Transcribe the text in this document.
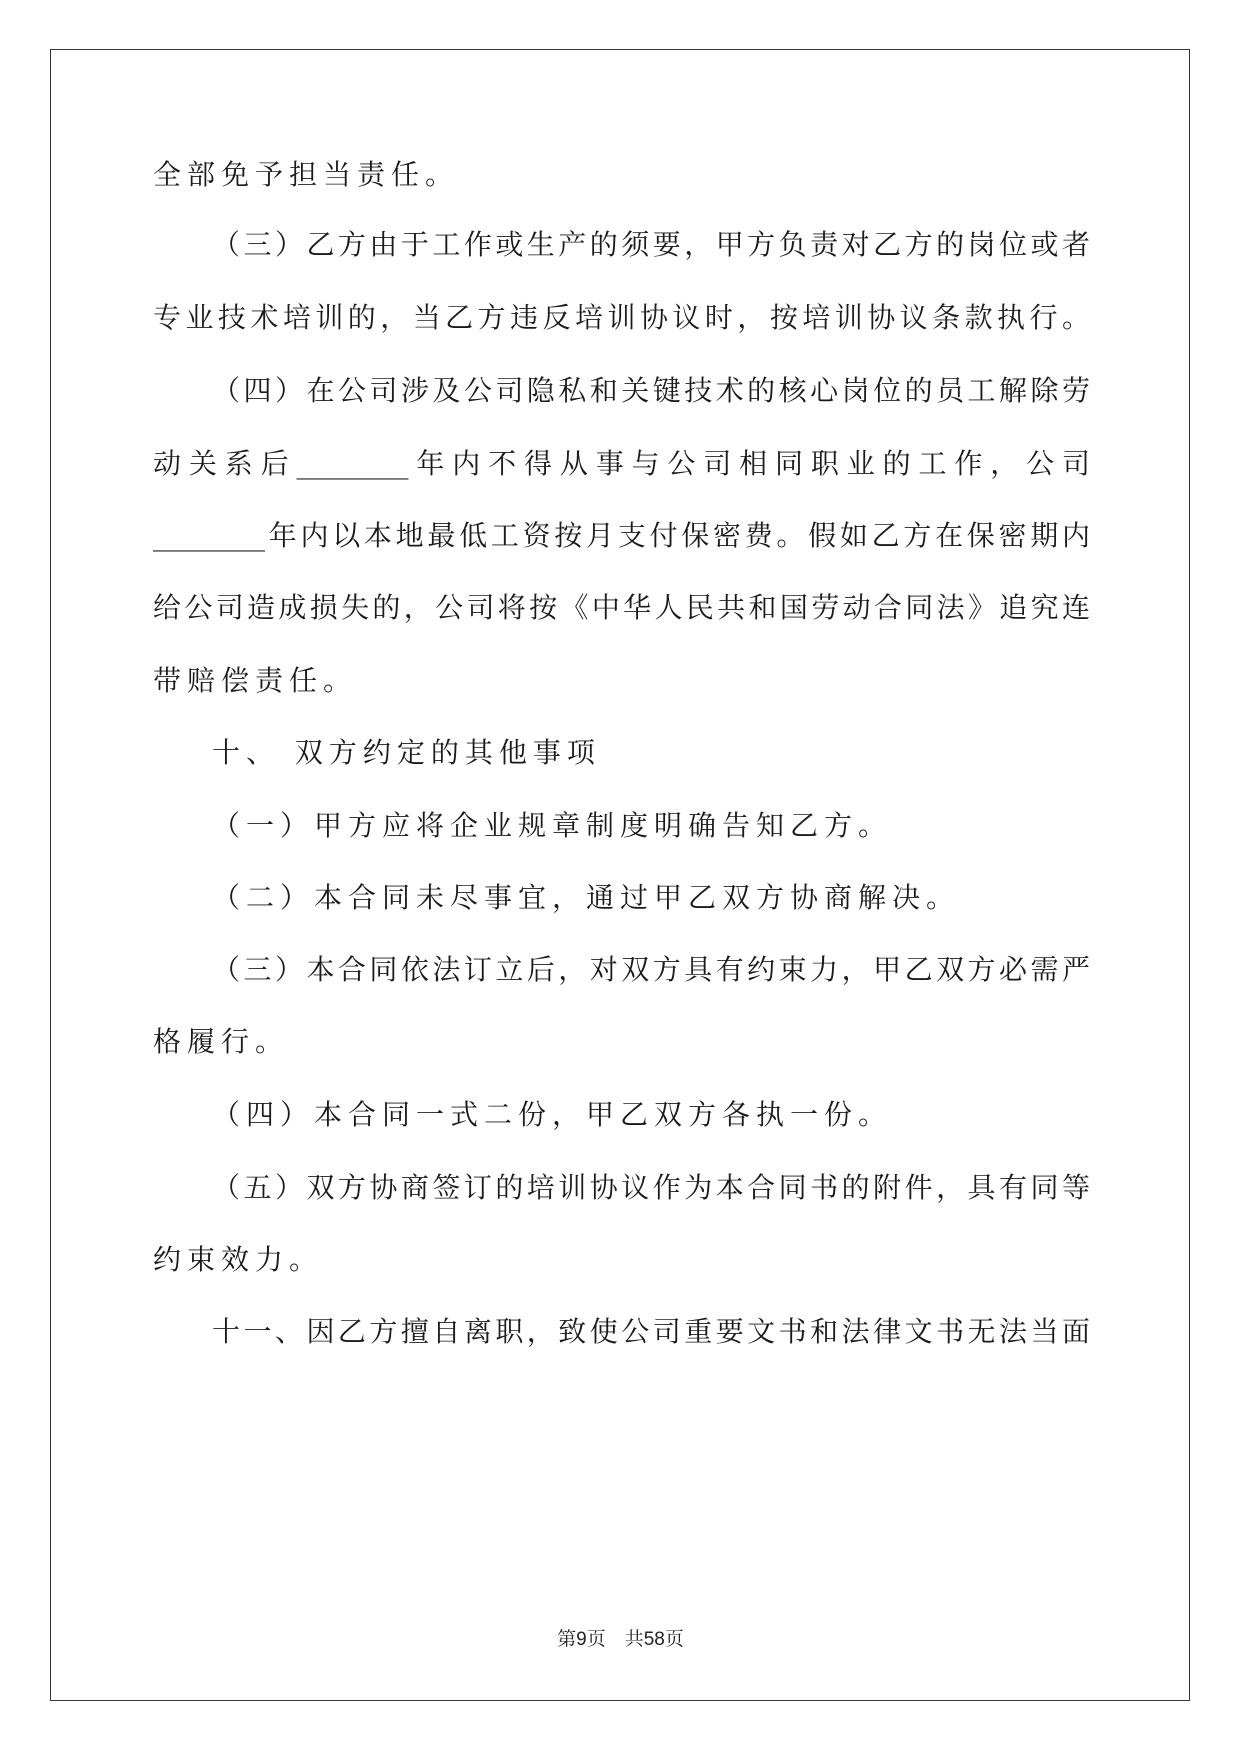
全部免予担当责任。
（三）乙方由于工作或生产的须要，甲方负责对乙方的岗位或者
专业技术培训的，当乙方违反培训协议时，按培训协议条款执行。
（四）在公司涉及公司隐私和关键技术的核心岗位的员工解除劳
动关系后________年内不得从事与公司相同职业的工作，公司
________年内以本地最低工资按月支付保密费。假如乙方在保密期内
给公司造成损失的，公司将按《中华人民共和国劳动合同法》追究连
带赔偿责任。
十、 双方约定的其他事项
（一）甲方应将企业规章制度明确告知乙方。
（二）本合同未尽事宜，通过甲乙双方协商解决。
（三）本合同依法订立后，对双方具有约束力，甲乙双方必需严
格履行。
（四）本合同一式二份，甲乙双方各执一份。
（五）双方协商签订的培训协议作为本合同书的附件，具有同等
约束效力。
十一、因乙方擅自离职，致使公司重要文书和法律文书无法当面
第9页 共58页
